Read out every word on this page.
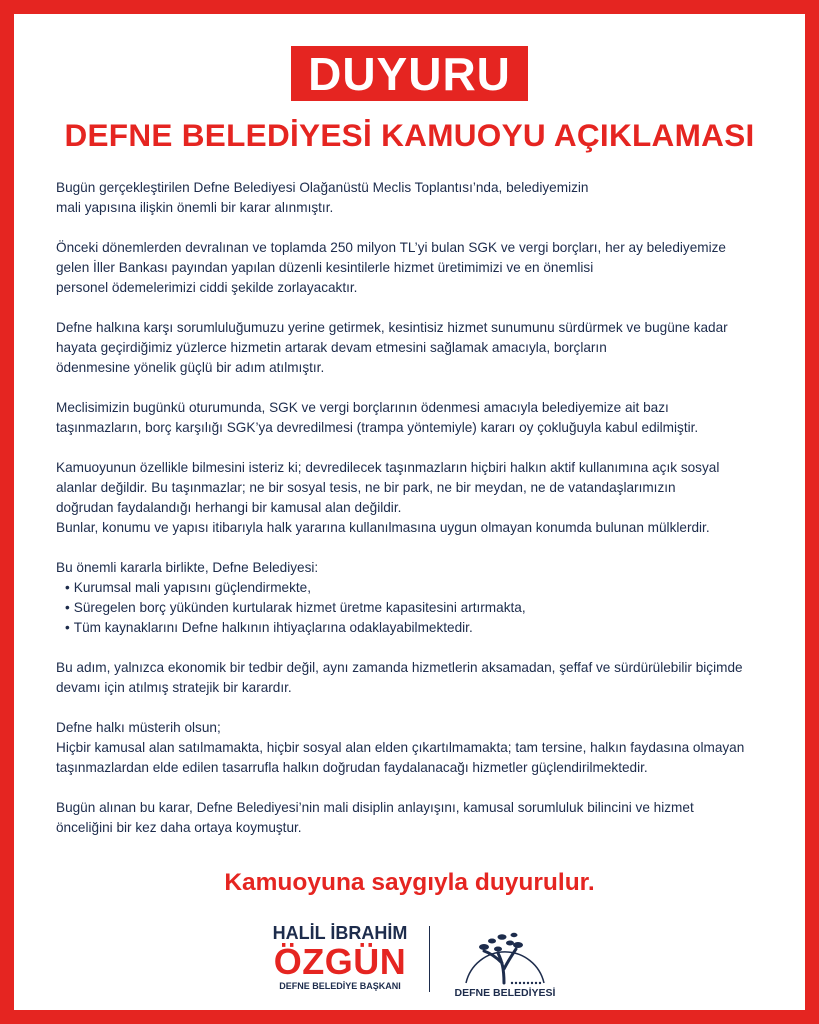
DUYURU
DEFNE BELEDİYESİ KAMUOYU AÇIKLAMASI

Bugün gerçekleştirilen Defne Belediyesi Olağanüstü Meclis Toplantısı’nda, belediyemizin
mali yapısına ilişkin önemli bir karar alınmıştır.

Önceki dönemlerden devralınan ve toplamda 250 milyon TL’yi bulan SGK ve vergi borçları, her ay belediyemize
gelen İller Bankası payından yapılan düzenli kesintilerle hizmet üretimimizi ve en önemlisi
personel ödemelerimizi ciddi şekilde zorlayacaktır.

Defne halkına karşı sorumluluğumuzu yerine getirmek, kesintisiz hizmet sunumunu sürdürmek ve bugüne kadar
hayata geçirdiğimiz yüzlerce hizmetin artarak devam etmesini sağlamak amacıyla, borçların
ödenmesine yönelik güçlü bir adım atılmıştır.

Meclisimizin bugünkü oturumunda, SGK ve vergi borçlarının ödenmesi amacıyla belediyemize ait bazı
taşınmazların, borç karşılığı SGK’ya devredilmesi (trampa yöntemiyle) kararı oy çokluğuyla kabul edilmiştir.

Kamuoyunun özellikle bilmesini isteriz ki; devredilecek taşınmazların hiçbiri halkın aktif kullanımına açık sosyal
alanlar değildir. Bu taşınmazlar; ne bir sosyal tesis, ne bir park, ne bir meydan, ne de vatandaşlarımızın
doğrudan faydalandığı herhangi bir kamusal alan değildir.
Bunlar, konumu ve yapısı itibarıyla halk yararına kullanılmasına uygun olmayan konumda bulunan mülklerdir.

Bu önemli kararla birlikte, Defne Belediyesi:
• Kurumsal mali yapısını güçlendirmekte,
• Süregelen borç yükünden kurtularak hizmet üretme kapasitesini artırmakta,
• Tüm kaynaklarını Defne halkının ihtiyaçlarına odaklayabilmektedir.

Bu adım, yalnızca ekonomik bir tedbir değil, aynı zamanda hizmetlerin aksamadan, şeffaf ve sürdürülebilir biçimde
devamı için atılmış stratejik bir karardır.

Defne halkı müsterih olsun;
Hiçbir kamusal alan satılmamakta, hiçbir sosyal alan elden çıkartılmamakta; tam tersine, halkın faydasına olmayan
taşınmazlardan elde edilen tasarrufla halkın doğrudan faydalanacağı hizmetler güçlendirilmektedir.

Bugün alınan bu karar, Defne Belediyesi’nin mali disiplin anlayışını, kamusal sorumluluk bilincini ve hizmet
önceliğini bir kez daha ortaya koymuştur.

Kamuoyuna saygıyla duyurulur.
HALİL İBRAHİM
ÖZGÜN
DEFNE BELEDİYE BAŞKANI
DEFNE BELEDİYESİ
